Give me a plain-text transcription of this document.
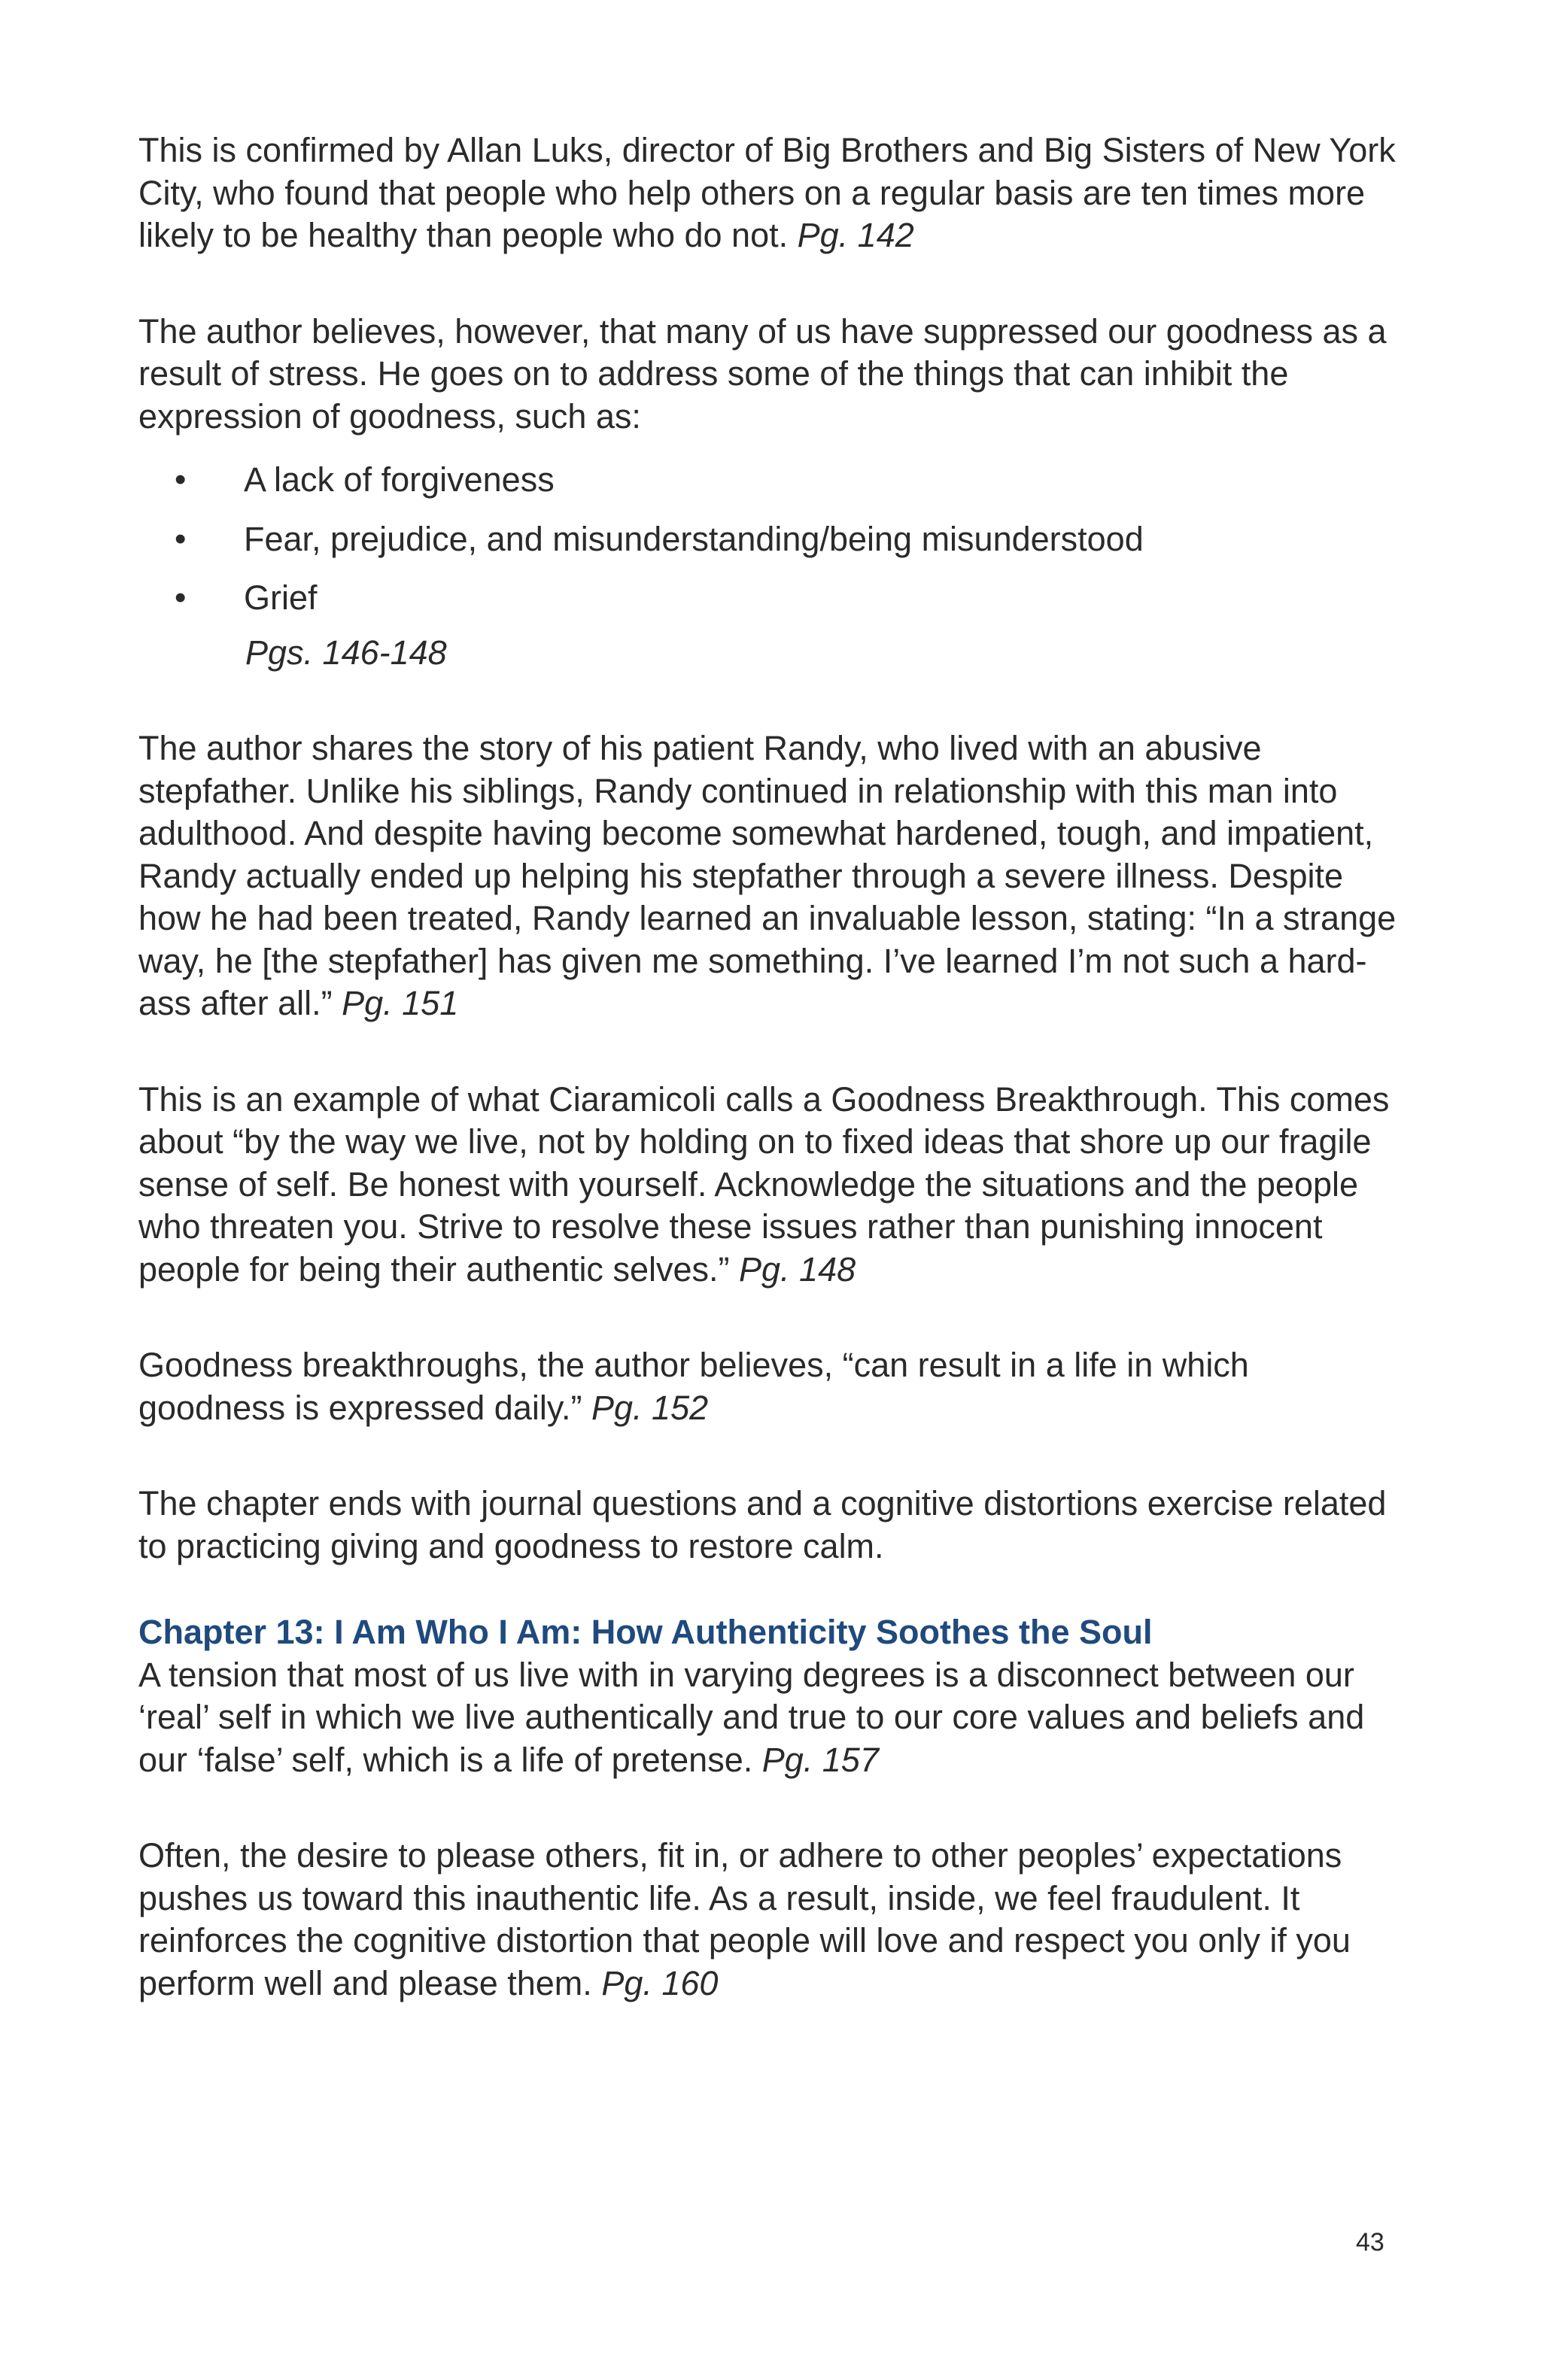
This is confirmed by Allan Luks, director of Big Brothers and Big Sisters of New York City, who found that people who help others on a regular basis are ten times more likely to be healthy than people who do not. Pg. 142

The author believes, however, that many of us have suppressed our goodness as a result of stress. He goes on to address some of the things that can inhibit the expression of goodness, such as:

• A lack of forgiveness
• Fear, prejudice, and misunderstanding/being misunderstood
• Grief
Pgs. 146-148

The author shares the story of his patient Randy, who lived with an abusive stepfather. Unlike his siblings, Randy continued in relationship with this man into adulthood. And despite having become somewhat hardened, tough, and impatient, Randy actually ended up helping his stepfather through a severe illness. Despite how he had been treated, Randy learned an invaluable lesson, stating: “In a strange way, he [the stepfather] has given me something. I’ve learned I’m not such a hard-ass after all.” Pg. 151

This is an example of what Ciaramicoli calls a Goodness Breakthrough. This comes about “by the way we live, not by holding on to fixed ideas that shore up our fragile sense of self. Be honest with yourself. Acknowledge the situations and the people who threaten you. Strive to resolve these issues rather than punishing innocent people for being their authentic selves.” Pg. 148

Goodness breakthroughs, the author believes, “can result in a life in which goodness is expressed daily.” Pg. 152

The chapter ends with journal questions and a cognitive distortions exercise related to practicing giving and goodness to restore calm.

Chapter 13: I Am Who I Am: How Authenticity Soothes the Soul

A tension that most of us live with in varying degrees is a disconnect between our ‘real’ self in which we live authentically and true to our core values and beliefs and our ‘false’ self, which is a life of pretense. Pg. 157

Often, the desire to please others, fit in, or adhere to other peoples’ expectations pushes us toward this inauthentic life. As a result, inside, we feel fraudulent. It reinforces the cognitive distortion that people will love and respect you only if you perform well and please them. Pg. 160

43
